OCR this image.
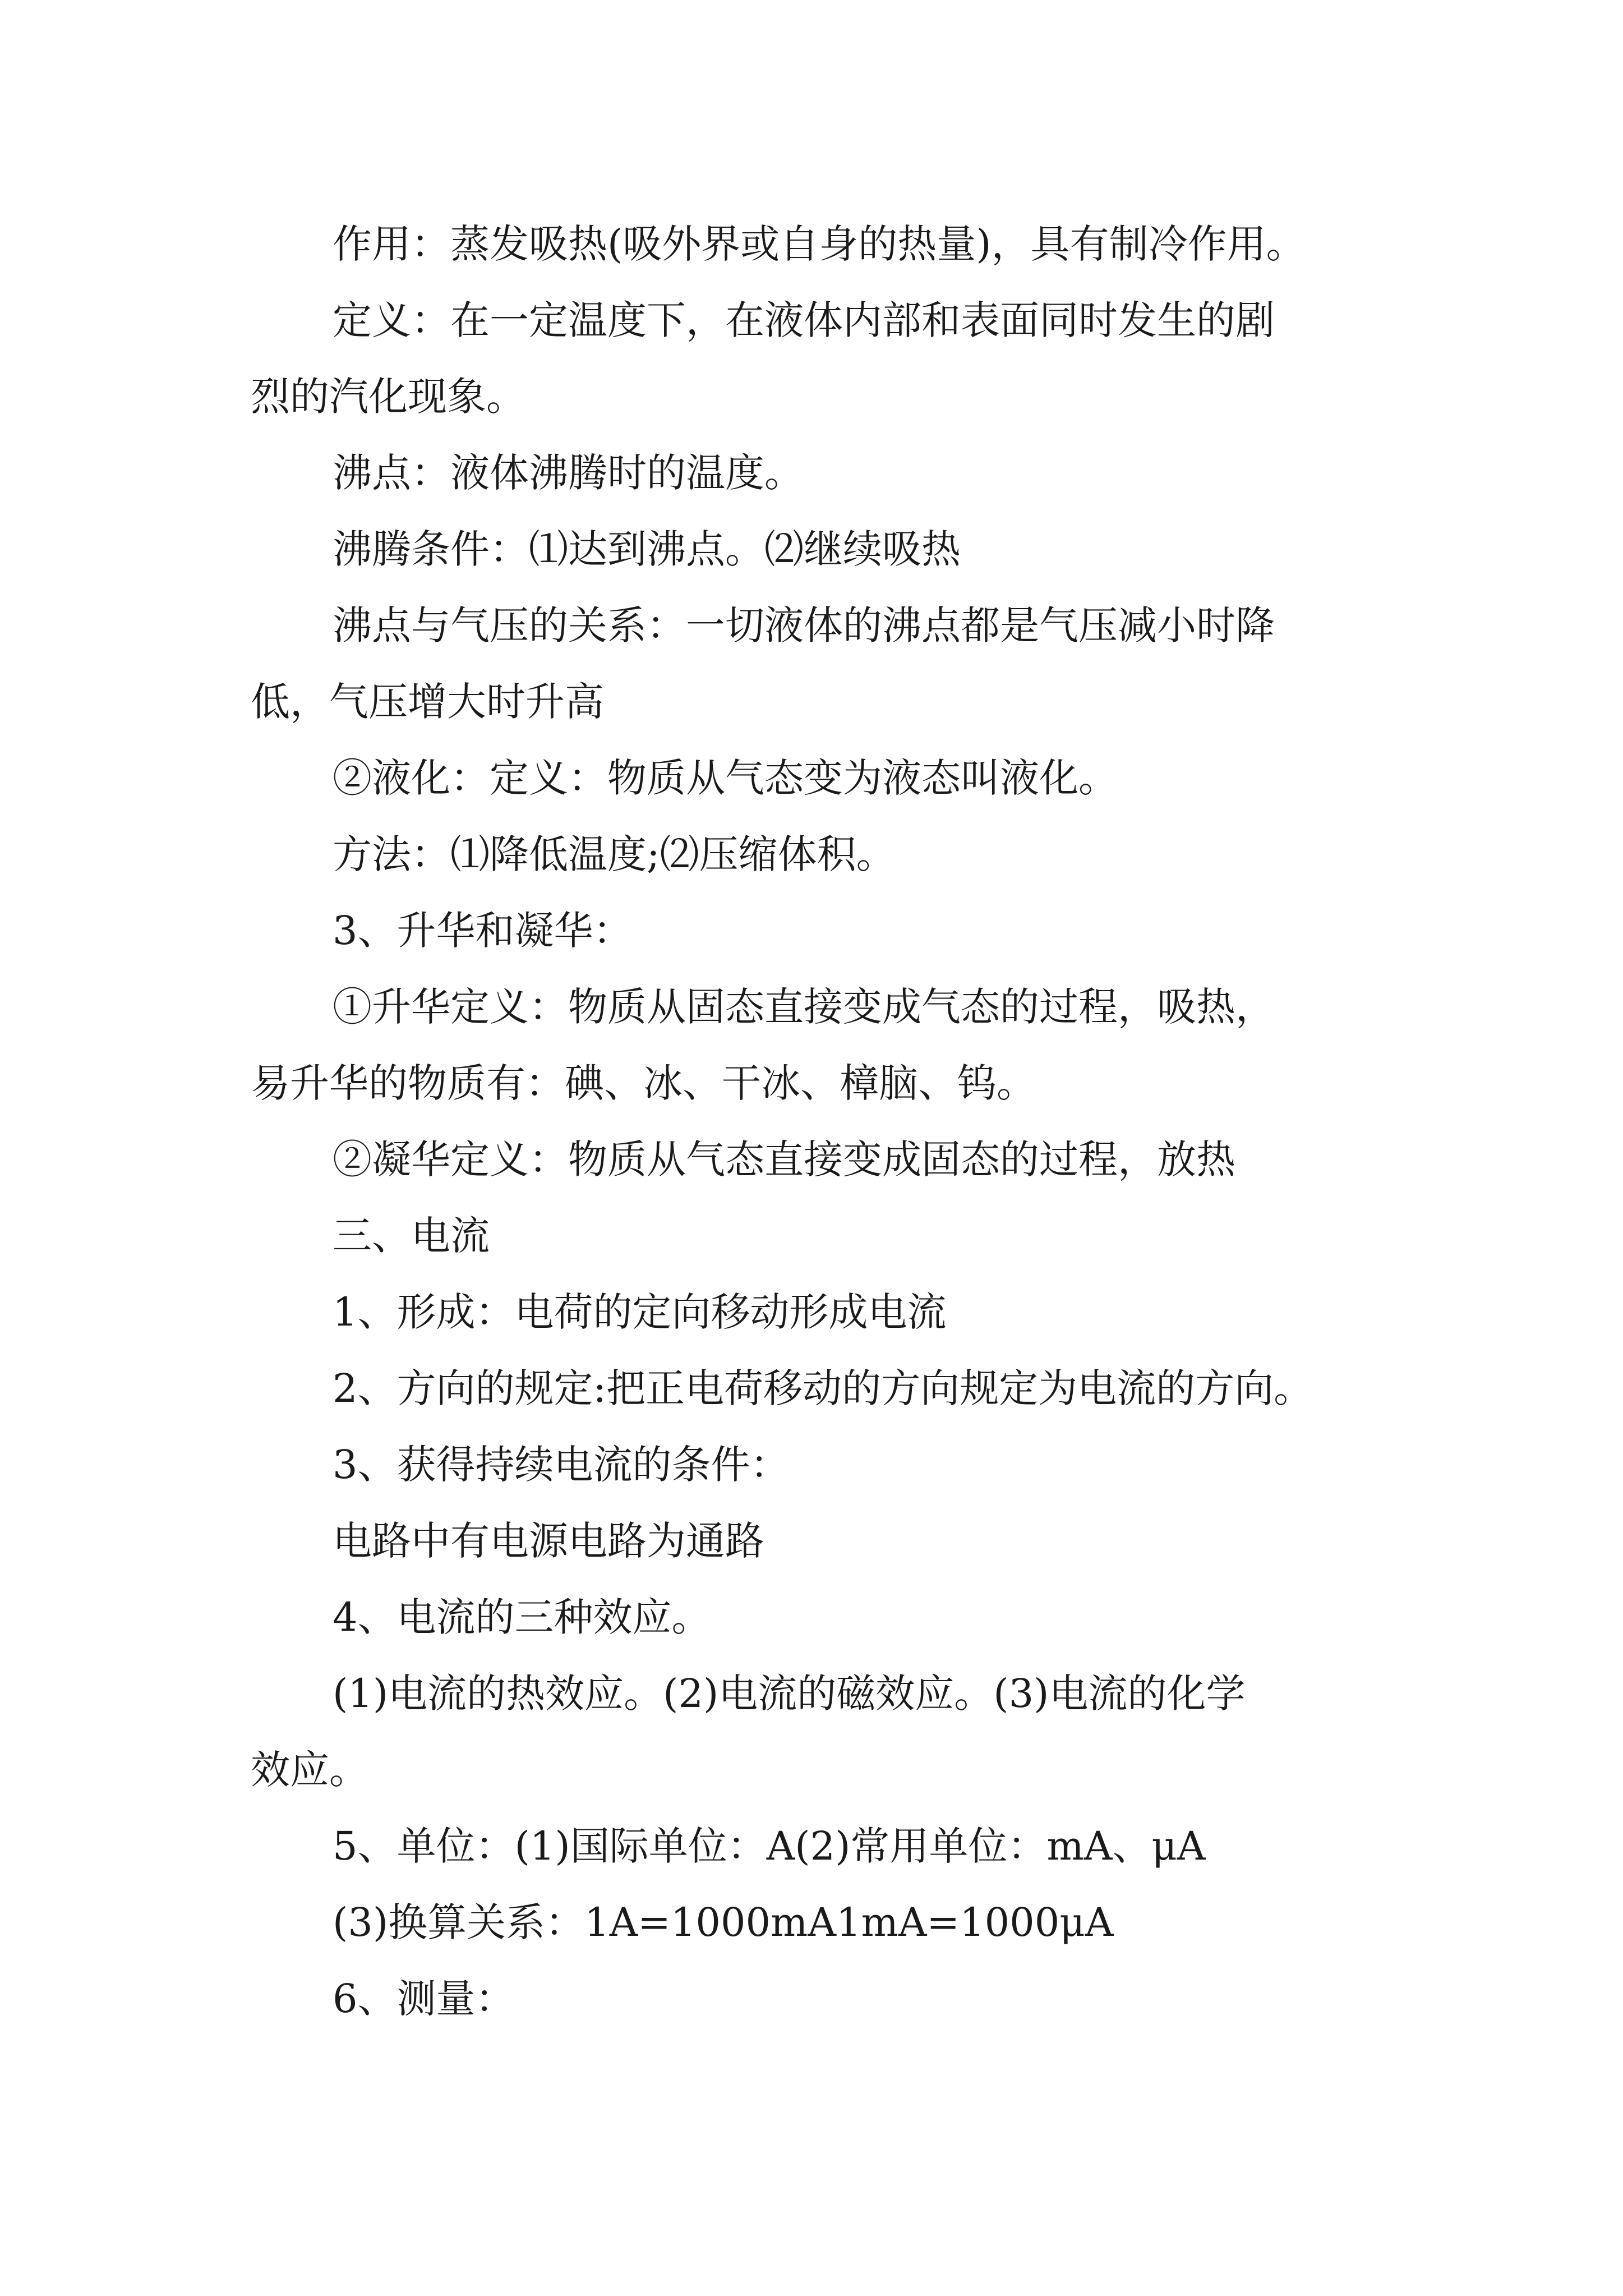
作用：蒸发吸热(吸外界或自身的热量)，具有制冷作用。
定义：在一定温度下，在液体内部和表面同时发生的剧
烈的汽化现象。
沸点：液体沸腾时的温度。
沸腾条件：⑴达到沸点。⑵继续吸热
沸点与气压的关系：一切液体的沸点都是气压减小时降
低，气压增大时升高
②液化：定义：物质从气态变为液态叫液化。
方法：⑴降低温度;⑵压缩体积。
3、升华和凝华：
①升华定义：物质从固态直接变成气态的过程，吸热，
易升华的物质有：碘、冰、干冰、樟脑、钨。
②凝华定义：物质从气态直接变成固态的过程，放热
三、电流
1、形成：电荷的定向移动形成电流
2、方向的规定:把正电荷移动的方向规定为电流的方向。
3、获得持续电流的条件：
电路中有电源电路为通路
4、电流的三种效应。
(1)电流的热效应。(2)电流的磁效应。(3)电流的化学
效应。
5、单位：(1)国际单位：A(2)常用单位：mA、μA
(3)换算关系：1A=1000mA1mA=1000μA
6、测量：
